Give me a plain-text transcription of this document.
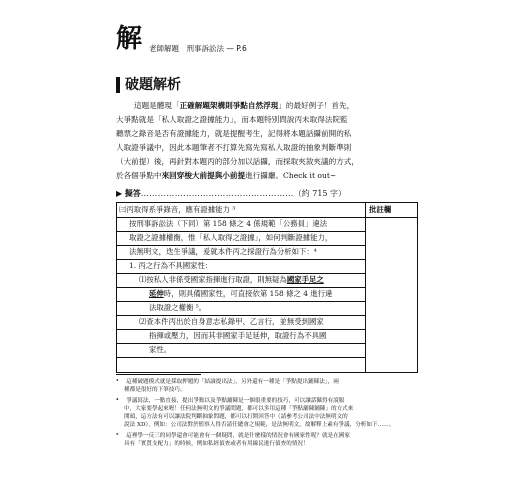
解 老師解題　刑事訴訟法 — P.6
破題解析
這題是體現「正確解題架構則爭點自然浮現」的最好例子！首先，
大爭點就是「私人取證之證據能力」，而本題特別問說丙未取得法院監
聽票之錄音是否有證據能力，就是提醒考生，記得將本題話攝前開的私
人取證爭議中，因此本題筆者不打算先寫先寫私人取證的抽象判斷準則
（大前提）後，再針對本題丙的部分加以話攝，而採取夾敘夾議的方式，
於各個爭點中來回穿梭大前提與小前提進行攝廳。Check it out~
▶ 擬答………………………………………………（約 715 字）
批註欄
㈢丙取得系爭錄音，應有證據能力 ³
按刑事訴訟法（下同）第 158 條之 4 係規範「公務員」違法
取證之證據權衡，惟「私人取得之證據」，如何判斷證據能力，
法無明文，迭生爭議，爰就本件丙之採證行為分析如下：⁴
1. 丙之行為不具國家性：
⑴按私人非係受國家指揮進行取證，則無疑為國家手足之
延伸時，則具備國家性，可直接依第 158 條之 4 進行違
法取證之權衡 ⁵。
⑵查本件丙出於自身意志私錄甲、乙言行，並無受到國家
指揮或壓力，因而其非國家手足延伸，取證行為不具國
家性。
³ 這種破題模式就是採取押題的「結論提出法」，另外還有一種是「爭點提出鋪陳法」，兩
種都是很好的下筆技巧。
⁴ 爭議寫法，一點直接，提出爭點以及爭點舖陳是一個很重要的技巧，可以讓話攝得有說服
中，大家要學起來喔！任何法無明文的爭議問題，都可以多用這種「爭點舖陳鋪陳」的方式來
開頭，這方法有可以讓法院判斷抽象問題，都可以打開回答中（請參考公司法中法無明文的
說法 XD），例如：公司法對於監察人得否請任總會之規範，是法無明文，故解釋上素有爭議，分析如下……。
⁵ 這裡學一反三的同學還會可能會有一個疑問，就是什麼樣的情況會有國家性呢？就是在國家
具有「實質支配力」的時候，例如私經偵查或者有用線民進行偵查的情況！
